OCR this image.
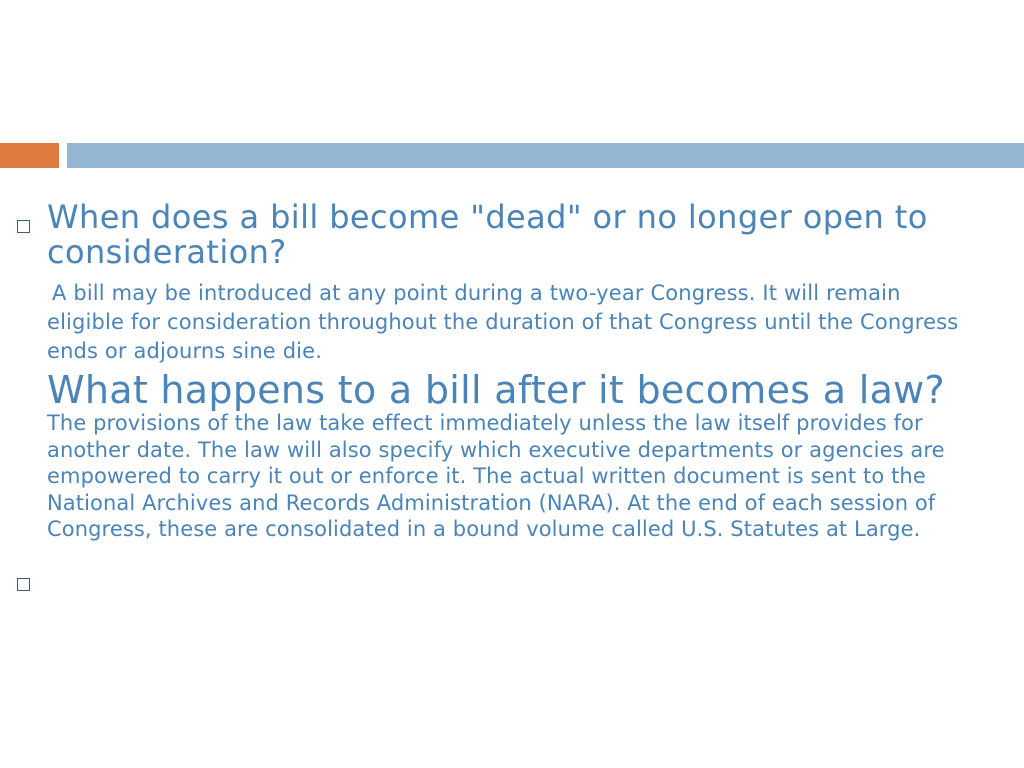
When does a bill become "dead" or no longer open to consideration?

A bill may be introduced at any point during a two-year Congress. It will remain eligible for consideration throughout the duration of that Congress until the Congress ends or adjourns sine die.

What happens to a bill after it becomes a law?

The provisions of the law take effect immediately unless the law itself provides for another date. The law will also specify which executive departments or agencies are empowered to carry it out or enforce it. The actual written document is sent to the National Archives and Records Administration (NARA). At the end of each session of Congress, these are consolidated in a bound volume called U.S. Statutes at Large.
